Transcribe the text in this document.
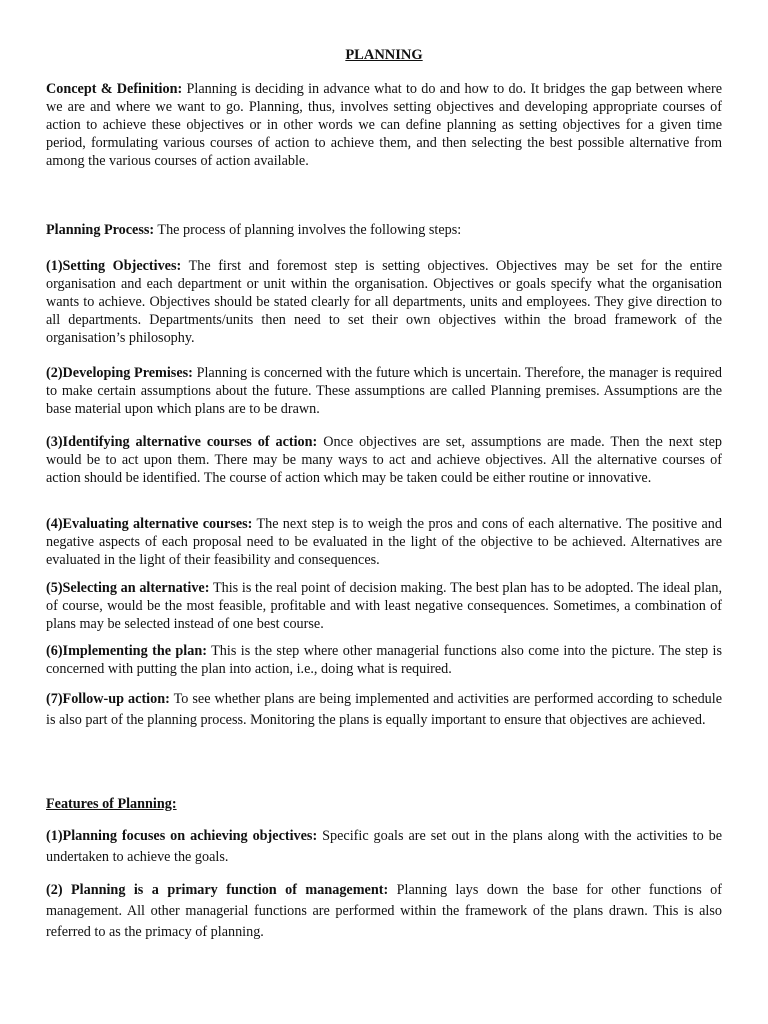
PLANNING

Concept & Definition: Planning is deciding in advance what to do and how to do. It bridges the gap between where we are and where we want to go. Planning, thus, involves setting objectives and developing appropriate courses of action to achieve these objectives or in other words we can define planning as setting objectives for a given time period, formulating various courses of action to achieve them, and then selecting the best possible alternative from among the various courses of action available.

Planning Process: The process of planning involves the following steps:

(1)Setting Objectives: The first and foremost step is setting objectives. Objectives may be set for the entire organisation and each department or unit within the organisation. Objectives or goals specify what the organisation wants to achieve. Objectives should be stated clearly for all departments, units and employees. They give direction to all departments. Departments/units then need to set their own objectives within the broad framework of the organisation’s philosophy.

(2)Developing Premises: Planning is concerned with the future which is uncertain. Therefore, the manager is required to make certain assumptions about the future. These assumptions are called Planning premises. Assumptions are the base material upon which plans are to be drawn.

(3)Identifying alternative courses of action: Once objectives are set, assumptions are made. Then the next step would be to act upon them. There may be many ways to act and achieve objectives. All the alternative courses of action should be identified. The course of action which may be taken could be either routine or innovative.

(4)Evaluating alternative courses: The next step is to weigh the pros and cons of each alternative. The positive and negative aspects of each proposal need to be evaluated in the light of the objective to be achieved. Alternatives are evaluated in the light of their feasibility and consequences.

(5)Selecting an alternative: This is the real point of decision making. The best plan has to be adopted. The ideal plan, of course, would be the most feasible, profitable and with least negative consequences. Sometimes, a combination of plans may be selected instead of one best course.

(6)Implementing the plan: This is the step where other managerial functions also come into the picture. The step is concerned with putting the plan into action, i.e., doing what is required.

(7)Follow-up action: To see whether plans are being implemented and activities are performed according to schedule is also part of the planning process. Monitoring the plans is equally important to ensure that objectives are achieved.

Features of Planning:

(1)Planning focuses on achieving objectives: Specific goals are set out in the plans along with the activities to be undertaken to achieve the goals.

(2) Planning is a primary function of management: Planning lays down the base for other functions of management. All other managerial functions are performed within the framework of the plans drawn. This is also referred to as the primacy of planning.
